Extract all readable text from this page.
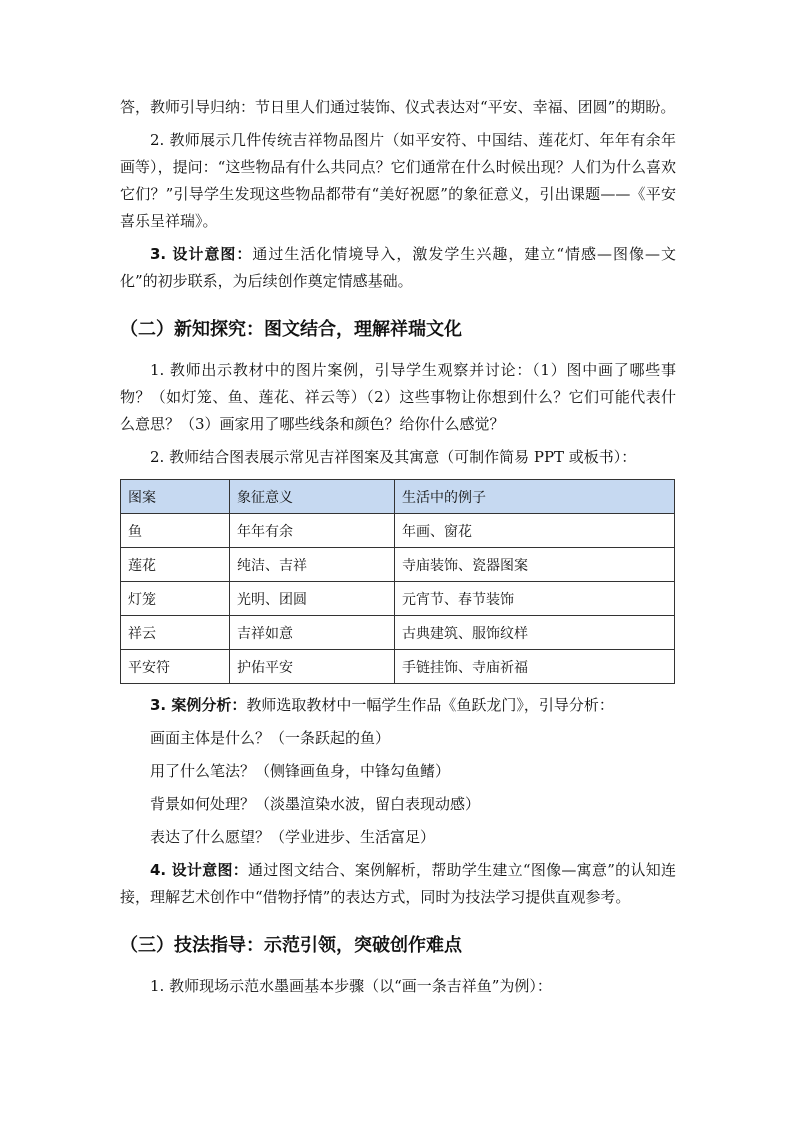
答，教师引导归纳：节日里人们通过装饰、仪式表达对“平安、幸福、团圆”的期盼。

2. 教师展示几件传统吉祥物品图片（如平安符、中国结、莲花灯、年年有余年画等），提问：“这些物品有什么共同点？它们通常在什么时候出现？人们为什么喜欢它们？”引导学生发现这些物品都带有“美好祝愿”的象征意义，引出课题——《平安喜乐呈祥瑞》。

3. 设计意图：通过生活化情境导入，激发学生兴趣，建立“情感—图像—文化”的初步联系，为后续创作奠定情感基础。

（二）新知探究：图文结合，理解祥瑞文化

1. 教师出示教材中的图片案例，引导学生观察并讨论：（1）图中画了哪些事物？（如灯笼、鱼、莲花、祥云等）（2）这些事物让你想到什么？它们可能代表什么意思？（3）画家用了哪些线条和颜色？给你什么感觉？

2. 教师结合图表展示常见吉祥图案及其寓意（可制作简易 PPT 或板书）：

图案	象征意义	生活中的例子
鱼	年年有余	年画、窗花
莲花	纯洁、吉祥	寺庙装饰、瓷器图案
灯笼	光明、团圆	元宵节、春节装饰
祥云	吉祥如意	古典建筑、服饰纹样
平安符	护佑平安	手链挂饰、寺庙祈福

3. 案例分析：教师选取教材中一幅学生作品《鱼跃龙门》，引导分析：

画面主体是什么？（一条跃起的鱼）

用了什么笔法？（侧锋画鱼身，中锋勾鱼鳍）

背景如何处理？（淡墨渲染水波，留白表现动感）

表达了什么愿望？（学业进步、生活富足）

4. 设计意图：通过图文结合、案例解析，帮助学生建立“图像—寓意”的认知连接，理解艺术创作中“借物抒情”的表达方式，同时为技法学习提供直观参考。

（三）技法指导：示范引领，突破创作难点

1. 教师现场示范水墨画基本步骤（以“画一条吉祥鱼”为例）：
